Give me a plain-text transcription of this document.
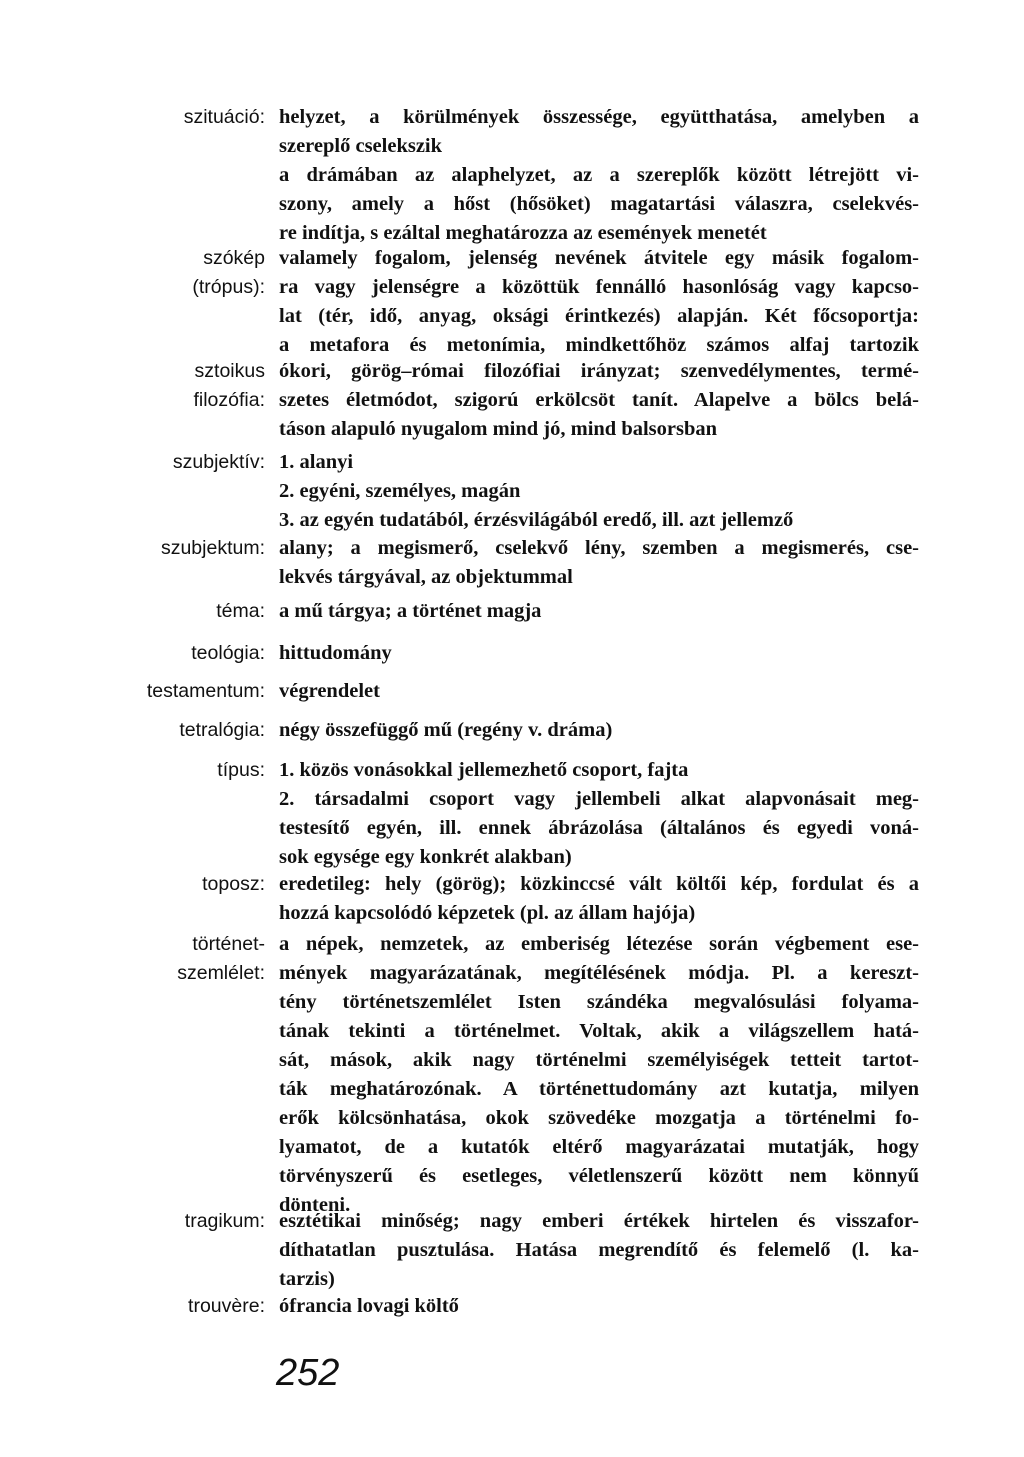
szituáció: helyzet, a körülmények összessége, együtthatása, amelyben a
szereplő cselekszik
a drámában az alaphelyzet, az a szereplők között létrejött vi-
szony, amely a hőst (hősöket) magatartási válaszra, cselekvés-
re indítja, s ezáltal meghatározza az események menetét
szókép
(trópus):
valamely fogalom, jelenség nevének átvitele egy másik fogalom-
ra vagy jelenségre a közöttük fennálló hasonlóság vagy kapcso-
lat (tér, idő, anyag, oksági érintkezés) alapján. Két főcsoportja:
a metafora és metonímia, mindkettőhöz számos alfaj tartozik
sztoikus
filozófia:
ókori, görög–római filozófiai irányzat; szenvedélymentes, termé-
szetes életmódot, szigorú erkölcsöt tanít. Alapelve a bölcs belá-
táson alapuló nyugalom mind jó, mind balsorsban
szubjektív: 1. alanyi
2. egyéni, személyes, magán
3. az egyén tudatából, érzésvilágából eredő, ill. azt jellemző
szubjektum: alany; a megismerő, cselekvő lény, szemben a megismerés, cse-
lekvés tárgyával, az objektummal
téma: a mű tárgya; a történet magja
teológia: hittudomány
testamentum: végrendelet
tetralógia: négy összefüggő mű (regény v. dráma)
típus: 1. közös vonásokkal jellemezhető csoport, fajta
2. társadalmi csoport vagy jellembeli alkat alapvonásait meg-
testesítő egyén, ill. ennek ábrázolása (általános és egyedi voná-
sok egysége egy konkrét alakban)
toposz: eredetileg: hely (görög); közkinccsé vált költői kép, fordulat és a
hozzá kapcsolódó képzetek (pl. az állam hajója)
történet-
szemlélet:
a népek, nemzetek, az emberiség létezése során végbement ese-
mények magyarázatának, megítélésének módja. Pl. a kereszt-
tény történetszemlélet Isten szándéka megvalósulási folyama-
tának tekinti a történelmet. Voltak, akik a világszellem hatá-
sát, mások, akik nagy történelmi személyiségek tetteit tartot-
ták meghatározónak. A történettudomány azt kutatja, milyen
erők kölcsönhatása, okok szövedéke mozgatja a történelmi fo-
lyamatot, de a kutatók eltérő magyarázatai mutatják, hogy
törvényszerű és esetleges, véletlenszerű között nem könnyű
dönteni.
tragikum: esztétikai minőség; nagy emberi értékek hirtelen és visszafor-
díthatatlan pusztulása. Hatása megrendítő és felemelő (l. ka-
tarzis)
trouvère: ófrancia lovagi költő
252
